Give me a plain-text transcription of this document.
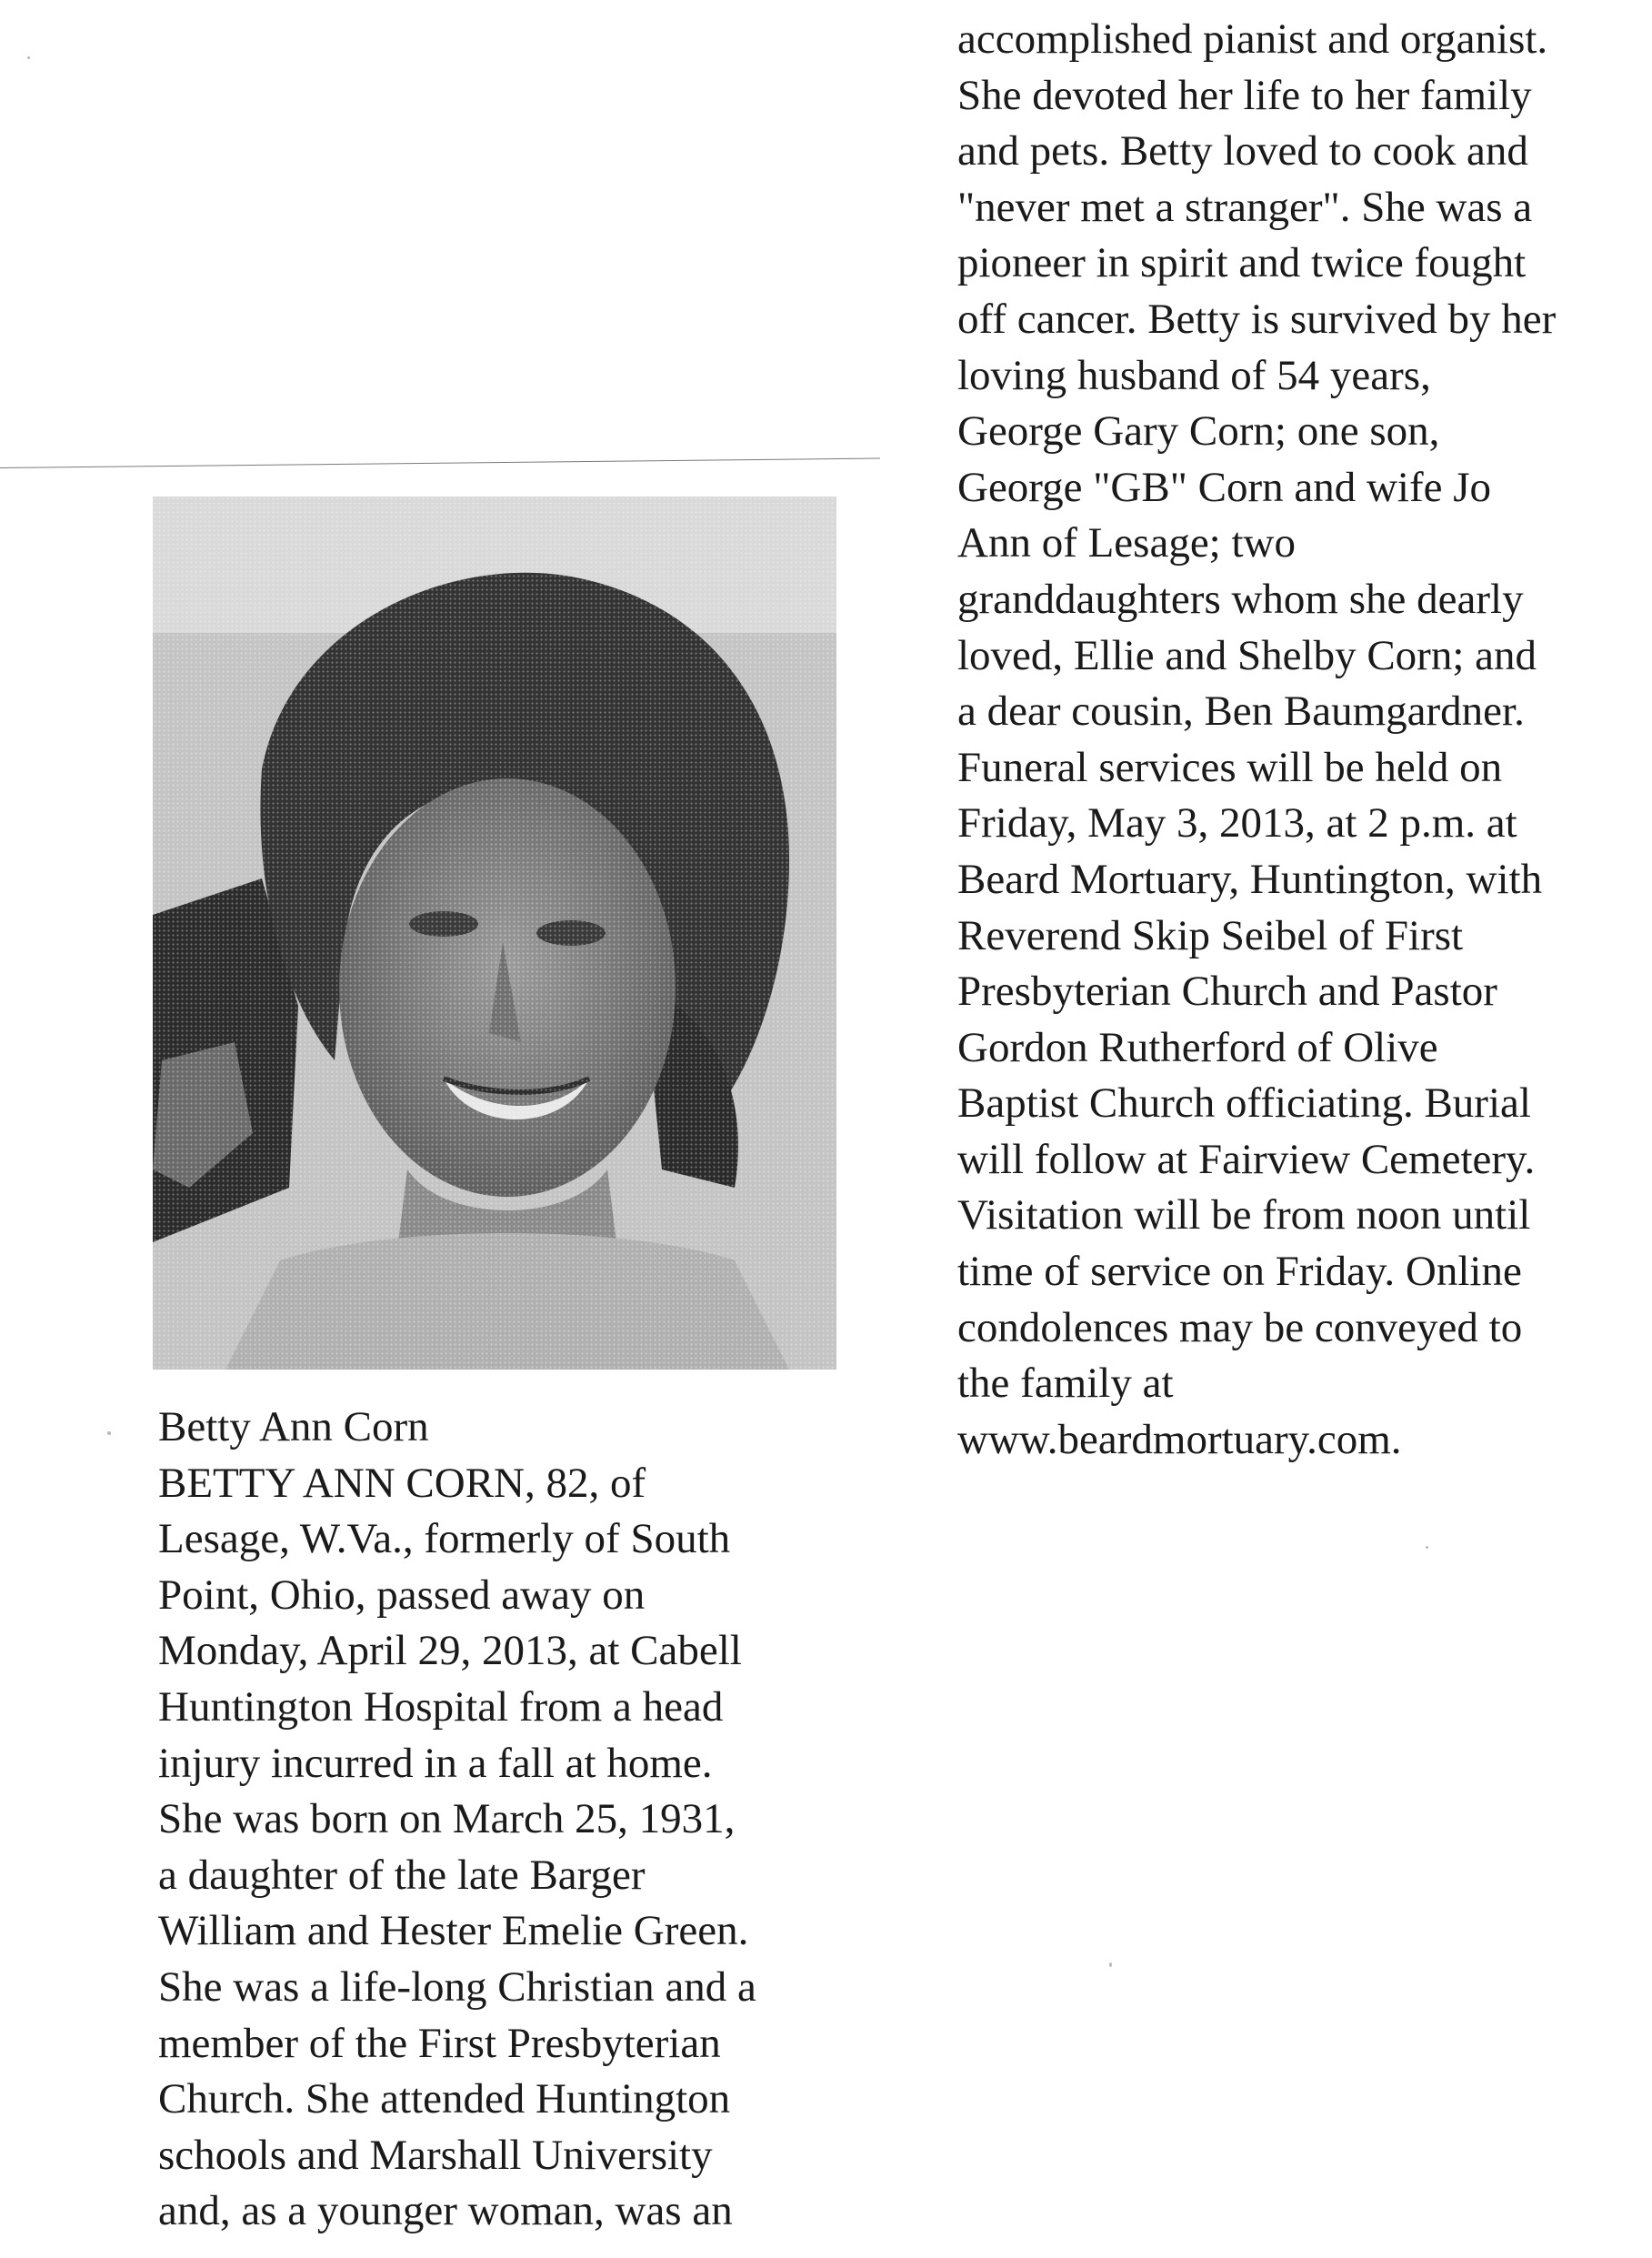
Betty Ann Corn
BETTY ANN CORN, 82, of
Lesage, W.Va., formerly of South
Point, Ohio, passed away on
Monday, April 29, 2013, at Cabell
Huntington Hospital from a head
injury incurred in a fall at home.
She was born on March 25, 1931,
a daughter of the late Barger
William and Hester Emelie Green.
She was a life-long Christian and a
member of the First Presbyterian
Church. She attended Huntington
schools and Marshall University
and, as a younger woman, was an
accomplished pianist and organist.
She devoted her life to her family
and pets. Betty loved to cook and
"never met a stranger". She was a
pioneer in spirit and twice fought
off cancer. Betty is survived by her
loving husband of 54 years,
George Gary Corn; one son,
George "GB" Corn and wife Jo
Ann of Lesage; two
granddaughters whom she dearly
loved, Ellie and Shelby Corn; and
a dear cousin, Ben Baumgardner.
Funeral services will be held on
Friday, May 3, 2013, at 2 p.m. at
Beard Mortuary, Huntington, with
Reverend Skip Seibel of First
Presbyterian Church and Pastor
Gordon Rutherford of Olive
Baptist Church officiating. Burial
will follow at Fairview Cemetery.
Visitation will be from noon until
time of service on Friday. Online
condolences may be conveyed to
the family at
www.beardmortuary.com.
